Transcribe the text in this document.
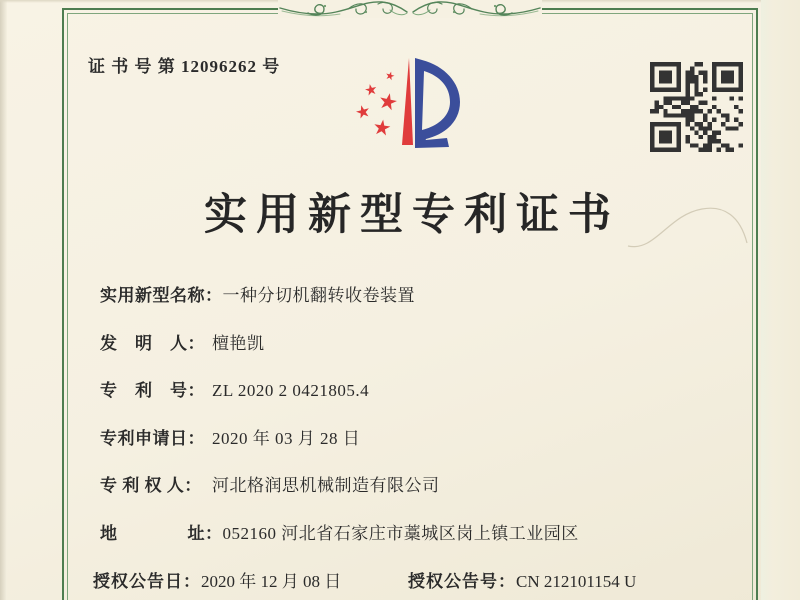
证 书 号 第 12096262 号
实用新型专利证书
实用新型名称：一种分切机翻转收卷装置
发　明　人： 檀艳凯
专　利　号： ZL 2020 2 0421805.4
专利申请日： 2020 年 03 月 28 日
专 利 权 人： 河北格润思机械制造有限公司
地　　　　址：052160 河北省石家庄市藁城区岗上镇工业园区
授权公告日：2020 年 12 月 08 日	授权公告号：CN 212101154 U
